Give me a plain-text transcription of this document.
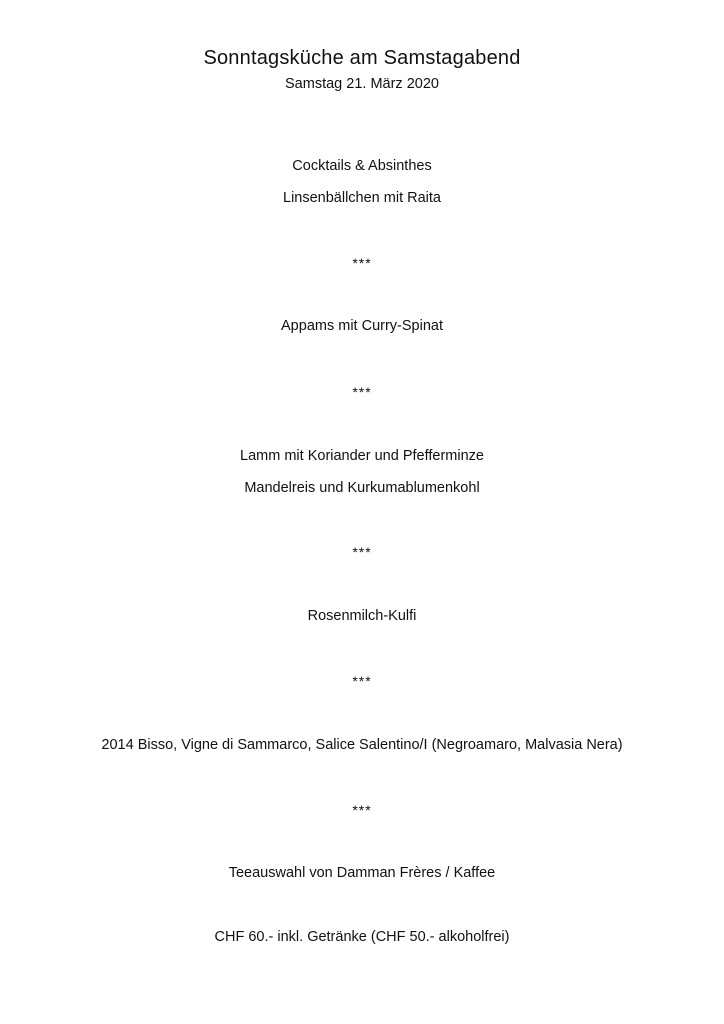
Sonntagsküche am Samstagabend
Samstag 21. März 2020
Cocktails & Absinthes
Linsenbällchen mit Raita
***
Appams mit Curry-Spinat
***
Lamm mit Koriander und Pfefferminze
Mandelreis und Kurkumablumenkohl
***
Rosenmilch-Kulfi
***
2014 Bisso, Vigne di Sammarco, Salice Salentino/I (Negroamaro, Malvasia Nera)
***
Teeauswahl von Damman Frères / Kaffee
CHF 60.- inkl. Getränke (CHF 50.- alkoholfrei)
